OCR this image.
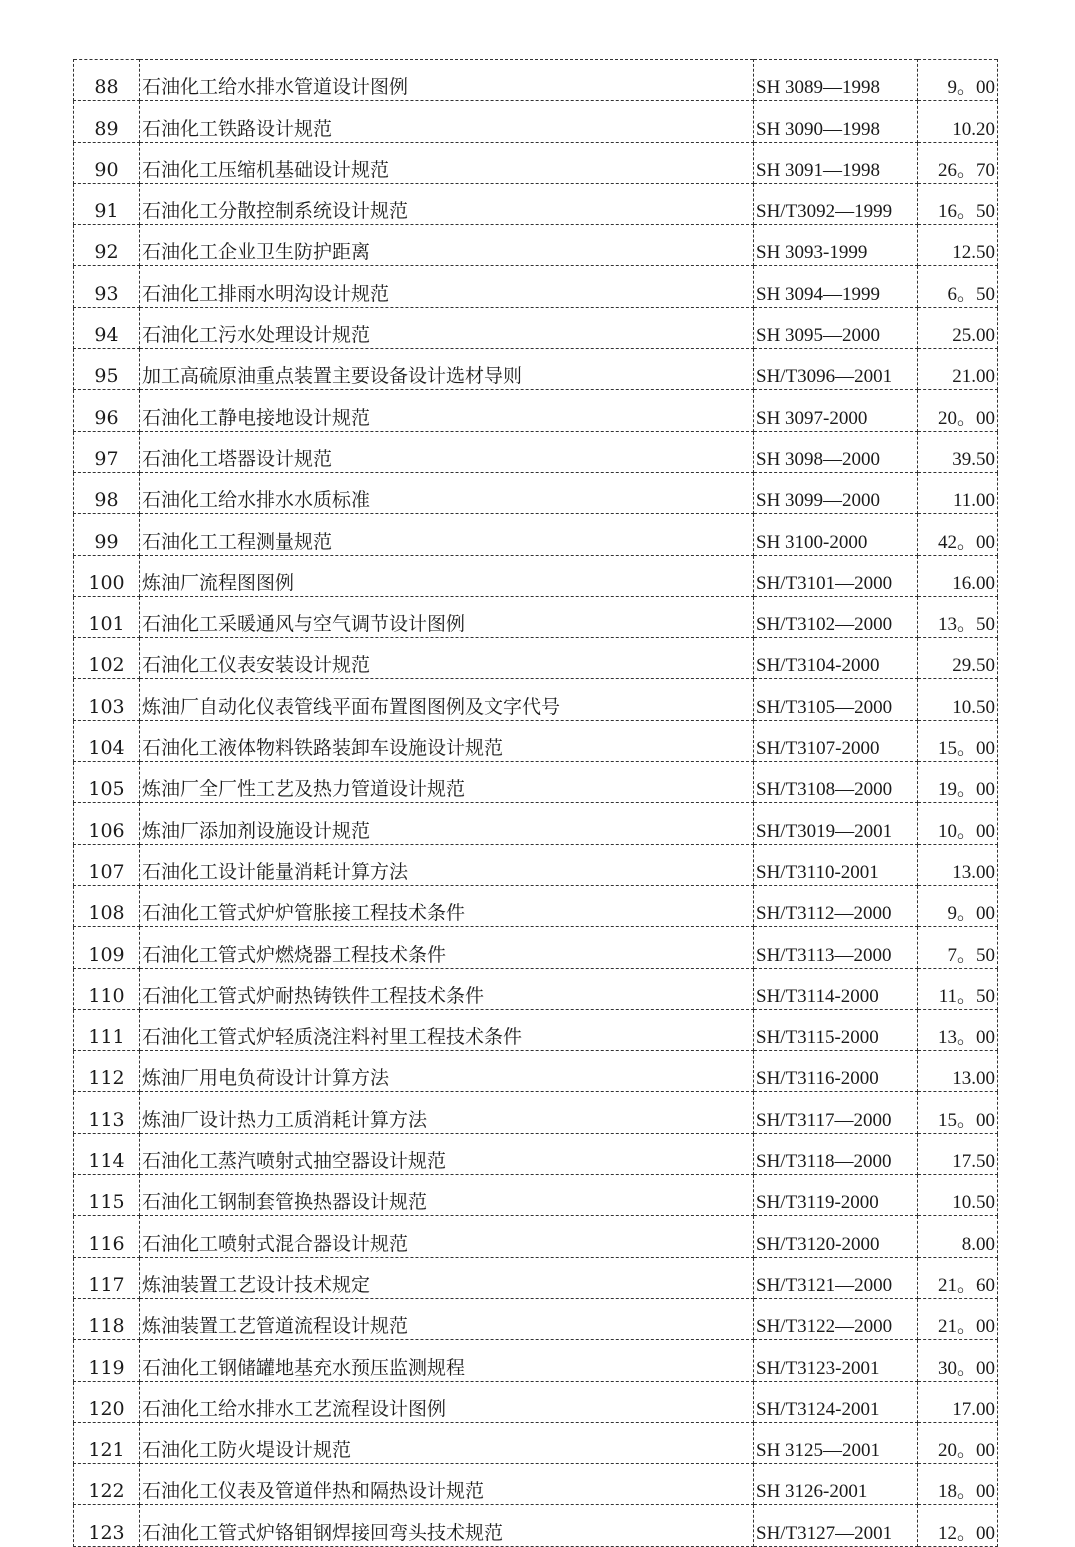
88	石油化工给水排水管道设计图例	SH 3089—1998	9。00
89	石油化工铁路设计规范	SH 3090—1998	10.20
90	石油化工压缩机基础设计规范	SH 3091—1998	26。70
91	石油化工分散控制系统设计规范	SH/T3092—1999	16。50
92	石油化工企业卫生防护距离	SH 3093-1999	12.50
93	石油化工排雨水明沟设计规范	SH 3094—1999	6。50
94	石油化工污水处理设计规范	SH 3095—2000	25.00
95	加工高硫原油重点装置主要设备设计选材导则	SH/T3096—2001	21.00
96	石油化工静电接地设计规范	SH 3097-2000	20。00
97	石油化工塔器设计规范	SH 3098—2000	39.50
98	石油化工给水排水水质标准	SH 3099—2000	11.00
99	石油化工工程测量规范	SH 3100-2000	42。00
100	炼油厂流程图图例	SH/T3101—2000	16.00
101	石油化工采暖通风与空气调节设计图例	SH/T3102—2000	13。50
102	石油化工仪表安装设计规范	SH/T3104-2000	29.50
103	炼油厂自动化仪表管线平面布置图图例及文字代号	SH/T3105—2000	10.50
104	石油化工液体物料铁路装卸车设施设计规范	SH/T3107-2000	15。00
105	炼油厂全厂性工艺及热力管道设计规范	SH/T3108—2000	19。00
106	炼油厂添加剂设施设计规范	SH/T3019—2001	10。00
107	石油化工设计能量消耗计算方法	SH/T3110-2001	13.00
108	石油化工管式炉炉管胀接工程技术条件	SH/T3112—2000	9。00
109	石油化工管式炉燃烧器工程技术条件	SH/T3113—2000	7。50
110	石油化工管式炉耐热铸铁件工程技术条件	SH/T3114-2000	11。50
111	石油化工管式炉轻质浇注料衬里工程技术条件	SH/T3115-2000	13。00
112	炼油厂用电负荷设计计算方法	SH/T3116-2000	13.00
113	炼油厂设计热力工质消耗计算方法	SH/T3117—2000	15。00
114	石油化工蒸汽喷射式抽空器设计规范	SH/T3118—2000	17.50
115	石油化工钢制套管换热器设计规范	SH/T3119-2000	10.50
116	石油化工喷射式混合器设计规范	SH/T3120-2000	8.00
117	炼油装置工艺设计技术规定	SH/T3121—2000	21。60
118	炼油装置工艺管道流程设计规范	SH/T3122—2000	21。00
119	石油化工钢储罐地基充水预压监测规程	SH/T3123-2001	30。00
120	石油化工给水排水工艺流程设计图例	SH/T3124-2001	17.00
121	石油化工防火堤设计规范	SH 3125—2001	20。00
122	石油化工仪表及管道伴热和隔热设计规范	SH 3126-2001	18。00
123	石油化工管式炉铬钼钢焊接回弯头技术规范	SH/T3127—2001	12。00
